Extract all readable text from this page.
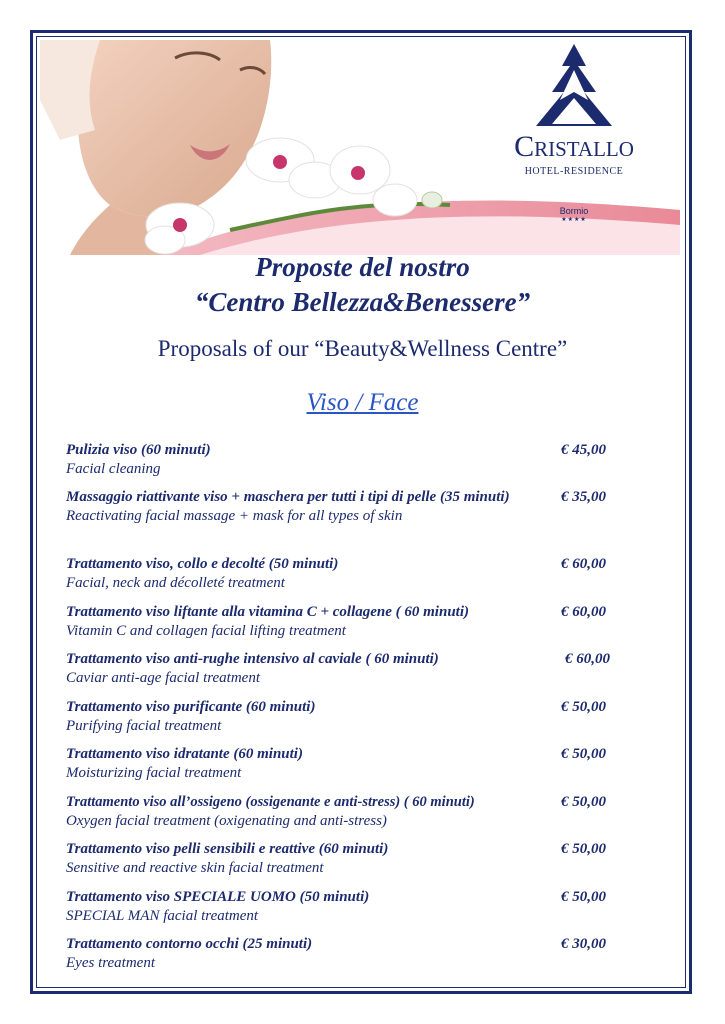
Cristallo
HOTEL-RESIDENCE
Bormio
★★★★
Proposte del nostro
“Centro Bellezza&Benessere”
Proposals of our “Beauty&Wellness Centre”
Viso / Face
Pulizia viso (60 minuti)
Facial cleaning
€ 45,00
Massaggio riattivante viso + maschera per tutti i tipi di pelle (35 minuti)
Reactivating facial massage + mask for all types of skin
€ 35,00
Trattamento viso, collo e decolté (50 minuti)
Facial, neck and décolleté treatment
€ 60,00
Trattamento viso liftante alla vitamina C + collagene ( 60 minuti)
Vitamin C and collagen facial lifting treatment
€ 60,00
Trattamento viso anti-rughe intensivo al caviale ( 60 minuti)
Caviar anti-age facial treatment
€ 60,00
Trattamento viso purificante (60 minuti)
Purifying facial treatment
€ 50,00
Trattamento viso idratante (60 minuti)
Moisturizing facial treatment
€ 50,00
Trattamento viso all’ossigeno (ossigenante e anti-stress) ( 60 minuti)
Oxygen facial treatment (oxigenating and anti-stress)
€ 50,00
Trattamento viso pelli sensibili e reattive (60 minuti)
Sensitive and reactive skin facial treatment
€ 50,00
Trattamento viso SPECIALE UOMO (50 minuti)
SPECIAL MAN facial treatment
€ 50,00
Trattamento contorno occhi (25 minuti)
Eyes treatment
€ 30,00
